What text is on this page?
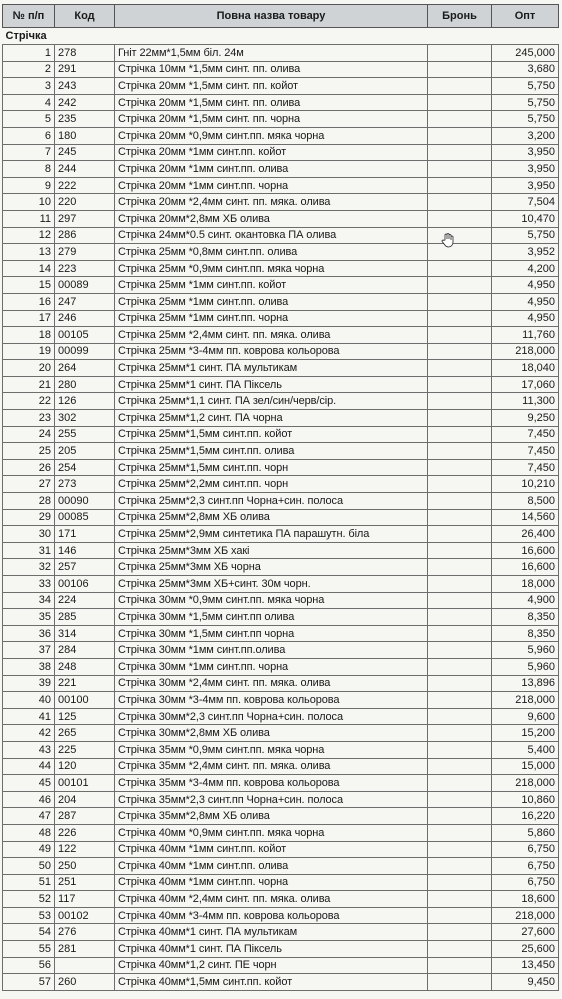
№ п/п	Код	Повна назва товару	Бронь	Опт
Стрічка				
1	278	Гніт 22мм*1,5мм біл. 24м		245,000
2	291	Стрічка 10мм *1,5мм синт. пп. олива		3,680
3	243	Стрічка 20мм *1,5мм синт. пп. койот		5,750
4	242	Стрічка 20мм *1,5мм синт. пп. олива		5,750
5	235	Стрічка 20мм *1,5мм синт. пп. чорна		5,750
6	180	Стрічка 20мм *0,9мм синт.пп. мяка чорна		3,200
7	245	Стрічка 20мм *1мм синт.пп. койот		3,950
8	244	Стрічка 20мм *1мм синт.пп. олива		3,950
9	222	Стрічка 20мм *1мм синт.пп. чорна		3,950
10	220	Стрічка 20мм *2,4мм синт. пп. мяка. олива		7,504
11	297	Стрічка 20мм*2,8мм ХБ олива		10,470
12	286	Стрічка 24мм*0.5 синт. окантовка ПА олива		5,750
13	279	Стрічка 25мм *0,8мм синт.пп. олива		3,952
14	223	Стрічка 25мм *0,9мм синт.пп. мяка чорна		4,200
15	00089	Стрічка 25мм *1мм синт.пп. койот		4,950
16	247	Стрічка 25мм *1мм синт.пп. олива		4,950
17	246	Стрічка 25мм *1мм синт.пп. чорна		4,950
18	00105	Стрічка 25мм *2,4мм синт. пп. мяка. олива		11,760
19	00099	Стрічка 25мм *3-4мм пп. коврова кольорова		218,000
20	264	Стрічка 25мм*1 синт. ПА мультикам		18,040
21	280	Стрічка 25мм*1 синт. ПА Піксель		17,060
22	126	Стрічка 25мм*1,1 синт. ПА зел/син/черв/сір.		11,300
23	302	Стрічка 25мм*1,2 синт. ПА чорна		9,250
24	255	Стрічка 25мм*1,5мм синт.пп. койот		7,450
25	205	Стрічка 25мм*1,5мм синт.пп. олива		7,450
26	254	Стрічка 25мм*1,5мм синт.пп. чорн		7,450
27	273	Стрічка 25мм*2,2мм синт.пп. чорн		10,210
28	00090	Стрічка 25мм*2,3 синт.пп Чорна+син. полоса		8,500
29	00085	Стрічка 25мм*2,8мм ХБ олива		14,560
30	171	Стрічка 25мм*2,9мм синтетика ПА парашутн. біла		26,400
31	146	Стрічка 25мм*3мм ХБ хакі		16,600
32	257	Стрічка 25мм*3мм ХБ чорна		16,600
33	00106	Стрічка 25мм*3мм ХБ+синт. 30м чорн.		18,000
34	224	Стрічка 30мм *0,9мм синт.пп. мяка чорна		4,900
35	285	Стрічка 30мм *1,5мм синт.пп олива		8,350
36	314	Стрічка 30мм *1,5мм синт.пп чорна		8,350
37	284	Стрічка 30мм *1мм синт.пп.олива		5,960
38	248	Стрічка 30мм *1мм синт.пп. чорна		5,960
39	221	Стрічка 30мм *2,4мм синт. пп. мяка. олива		13,896
40	00100	Стрічка 30мм *3-4мм пп. коврова кольорова		218,000
41	125	Стрічка 30мм*2,3 синт.пп Чорна+син. полоса		9,600
42	265	Стрічка 30мм*2,8мм ХБ олива		15,200
43	225	Стрічка 35мм *0,9мм синт.пп. мяка чорна		5,400
44	120	Стрічка 35мм *2,4мм синт. пп. мяка. олива		15,000
45	00101	Стрічка 35мм *3-4мм пп. коврова кольорова		218,000
46	204	Стрічка 35мм*2,3 синт.пп Чорна+син. полоса		10,860
47	287	Стрічка 35мм*2,8мм ХБ олива		16,220
48	226	Стрічка 40мм *0,9мм синт.пп. мяка чорна		5,860
49	122	Стрічка 40мм *1мм синт.пп. койот		6,750
50	250	Стрічка 40мм *1мм синт.пп. олива		6,750
51	251	Стрічка 40мм *1мм синт.пп. чорна		6,750
52	117	Стрічка 40мм *2,4мм синт. пп. мяка. олива		18,600
53	00102	Стрічка 40мм *3-4мм пп. коврова кольорова		218,000
54	276	Стрічка 40мм*1 синт. ПА мультикам		27,600
55	281	Стрічка 40мм*1 синт. ПА Піксель		25,600
56		Стрічка 40мм*1,2 синт. ПЕ чорн		13,450
57	260	Стрічка 40мм*1,5мм синт.пп. койот		9,450
